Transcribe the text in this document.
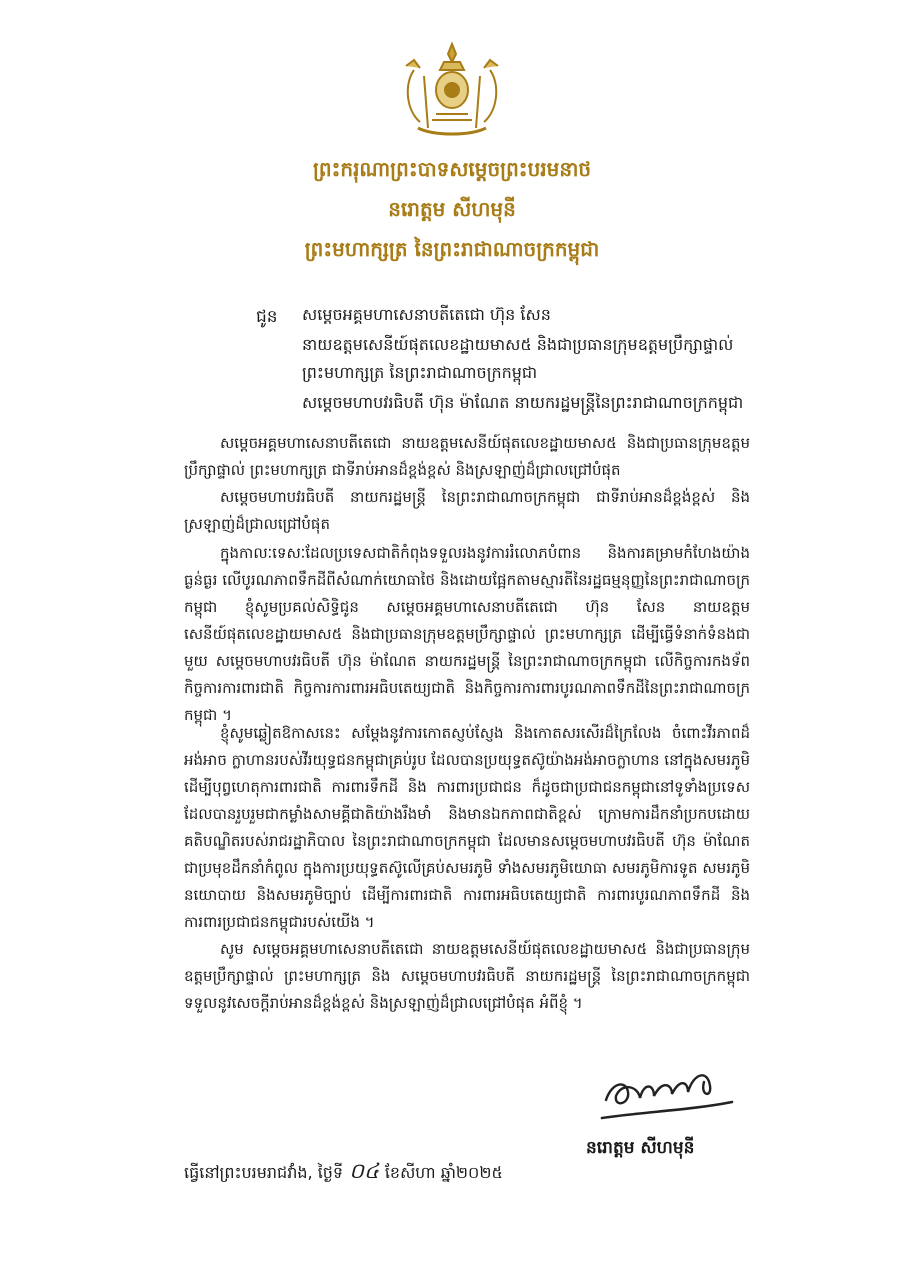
ព្រះករុណាព្រះបាទសម្តេចព្រះបរមនាថ
នរោត្តម សីហមុនី
ព្រះមហាក្សត្រ នៃព្រះរាជាណាចក្រកម្ពុជា
ជូន សម្តេចអគ្គមហាសេនាបតីតេជោ ហ៊ុន សែន
នាយឧត្តមសេនីយ៍ផុតលេខដ្ឋាយមាស៥ និងជាប្រធានក្រុមឧត្តមប្រឹក្សាផ្ទាល់
ព្រះមហាក្សត្រ នៃព្រះរាជាណាចក្រកម្ពុជា
សម្តេចមហាបវរធិបតី ហ៊ុន ម៉ាណែត នាយករដ្ឋមន្ត្រីនៃព្រះរាជាណាចក្រកម្ពុជា

សម្តេចអគ្គមហាសេនាបតីតេជោ នាយឧត្តមសេនីយ៍ផុតលេខដ្ឋាយមាស៥ និងជាប្រធានក្រុមឧត្តមប្រឹក្សាផ្ទាល់ ព្រះមហាក្សត្រ ជាទីរាប់អានដ៏ខ្ពង់ខ្ពស់ និងស្រឡាញ់ដ៏ជ្រាលជ្រៅបំផុត

សម្តេចមហាបវរធិបតី នាយករដ្ឋមន្ត្រី នៃព្រះរាជាណាចក្រកម្ពុជា ជាទីរាប់អានដ៏ខ្ពង់ខ្ពស់ និងស្រឡាញ់ដ៏ជ្រាលជ្រៅបំផុត

ក្នុងកាលៈទេសៈដែលប្រទេសជាតិកំពុងទទួលរងនូវការរំលោភបំពាន និងការគម្រាមកំហែងយ៉ាងធ្ងន់ធ្ងរ លើបូរណភាពទឹកដីពីសំណាក់យោធាថៃ និងដោយផ្អែកតាមស្មារតីនៃរដ្ឋធម្មនុញ្ញនៃព្រះរាជាណាចក្រកម្ពុជា ខ្ញុំសូមប្រគល់សិទ្ធិជូន សម្តេចអគ្គមហាសេនាបតីតេជោ ហ៊ុន សែន នាយឧត្តមសេនីយ៍ផុតលេខដ្ឋាយមាស៥ និងជាប្រធានក្រុមឧត្តមប្រឹក្សាផ្ទាល់ ព្រះមហាក្សត្រ ដើម្បីធ្វើទំនាក់ទំនងជាមួយ សម្តេចមហាបវរធិបតី ហ៊ុន ម៉ាណែត នាយករដ្ឋមន្ត្រី នៃព្រះរាជាណាចក្រកម្ពុជា លើកិច្ចការកងទ័ព កិច្ចការការពារជាតិ កិច្ចការការពារអធិបតេយ្យជាតិ និងកិច្ចការការពារបូរណភាពទឹកដីនៃព្រះរាជាណាចក្រកម្ពុជា ។

ខ្ញុំសូមឆ្លៀតឱកាសនេះ សម្តែងនូវការកោតស្ញប់ស្ញែង និងកោតសរសើរដ៏ក្រៃលែង ចំពោះវីរភាពដ៏អង់អាច ក្លាហានរបស់វីរយុទ្ធជនកម្ពុជាគ្រប់រូប ដែលបានប្រយុទ្ធតស៊ូយ៉ាងអង់អាចក្លាហាន នៅក្នុងសមរភូមិ ដើម្បីបុព្វហេតុការពារជាតិ ការពារទឹកដី និង ការពារប្រជាជន ក៏ដូចជាប្រជាជនកម្ពុជានៅទូទាំងប្រទេស ដែលបានរួបរួមជាកម្លាំងសាមគ្គីជាតិយ៉ាងរឹងមាំ និងមានឯកភាពជាតិខ្ពស់ ក្រោមការដឹកនាំប្រកបដោយគតិបណ្ឌិតរបស់រាជរដ្ឋាភិបាល នៃព្រះរាជាណាចក្រកម្ពុជា ដែលមានសម្តេចមហាបវរធិបតី ហ៊ុន ម៉ាណែត ជាប្រមុខដឹកនាំកំពូល ក្នុងការប្រយុទ្ធតស៊ូលើគ្រប់សមរភូមិ ទាំងសមរភូមិយោធា សមរភូមិការទូត សមរភូមិនយោបាយ និងសមរភូមិច្បាប់ ដើម្បីការពារជាតិ ការពារអធិបតេយ្យជាតិ ការពារបូរណភាពទឹកដី និងការពារប្រជាជនកម្ពុជារបស់យើង ។

សូម សម្តេចអគ្គមហាសេនាបតីតេជោ នាយឧត្តមសេនីយ៍ផុតលេខដ្ឋាយមាស៥ និងជាប្រធានក្រុមឧត្តមប្រឹក្សាផ្ទាល់ ព្រះមហាក្សត្រ និង សម្តេចមហាបវរធិបតី នាយករដ្ឋមន្ត្រី នៃព្រះរាជាណាចក្រកម្ពុជា ទទួលនូវសេចក្តីរាប់អានដ៏ខ្ពង់ខ្ពស់ និងស្រឡាញ់ដ៏ជ្រាលជ្រៅបំផុត អំពីខ្ញុំ ។

នរោត្តម សីហមុនី
ធ្វើនៅព្រះបរមរាជវាំង, ថ្ងៃទី ០៤ ខែសីហា ឆ្នាំ២០២៥
